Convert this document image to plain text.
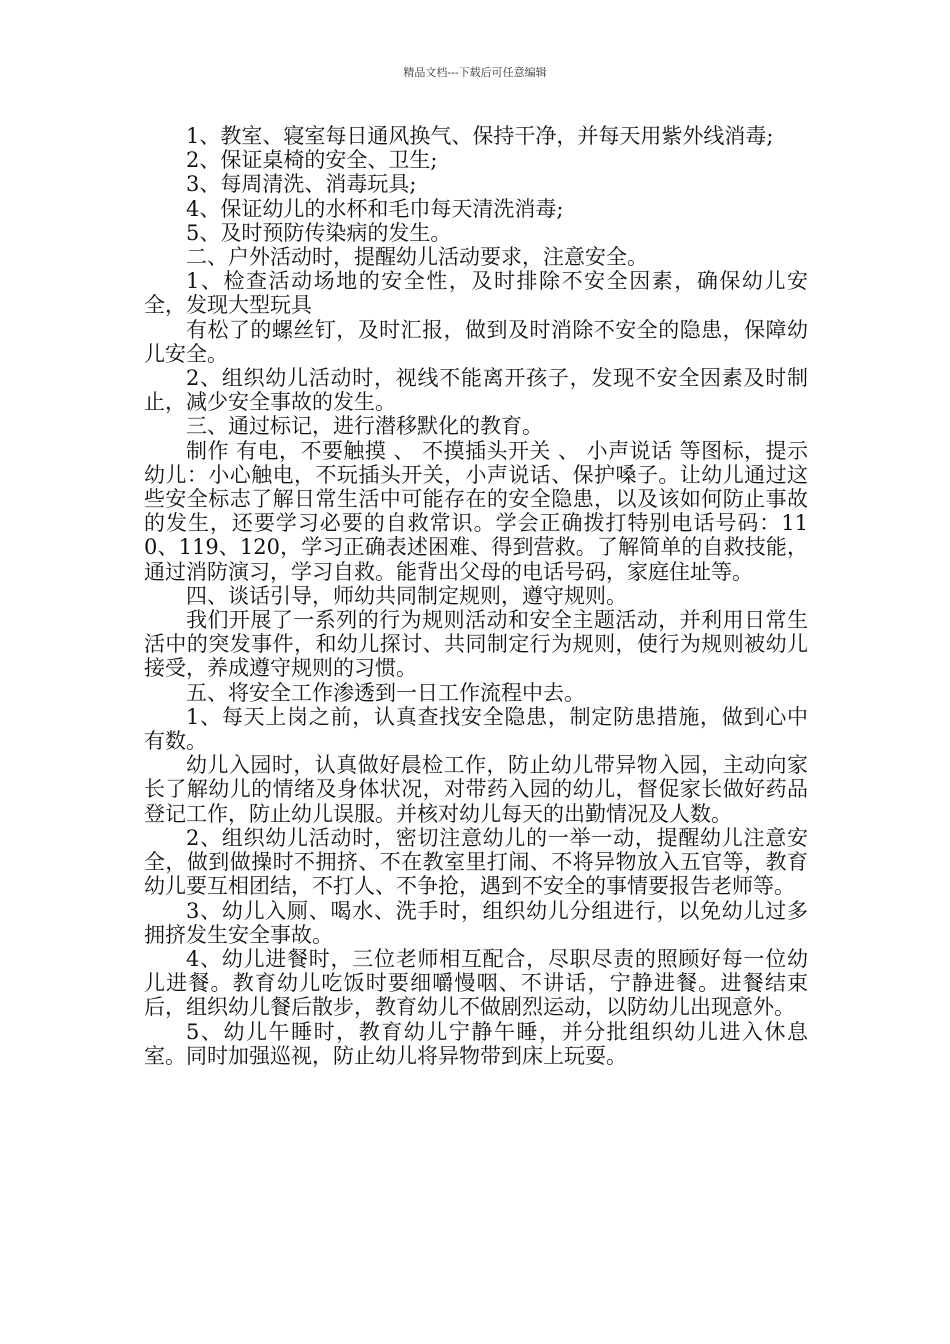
精品文档---下载后可任意编辑

1、教室、寝室每日通风换气、保持干净，并每天用紫外线消毒;

2、保证桌椅的安全、卫生;

3、每周清洗、消毒玩具;

4、保证幼儿的水杯和毛巾每天清洗消毒;

5、及时预防传染病的发生。

二、户外活动时，提醒幼儿活动要求，注意安全。

1、检查活动场地的安全性，及时排除不安全因素，确保幼儿安全，发现大型玩具

有松了的螺丝钉，及时汇报，做到及时消除不安全的隐患，保障幼儿安全。

2、组织幼儿活动时，视线不能离开孩子，发现不安全因素及时制止，减少安全事故的发生。

三、通过标记，进行潜移默化的教育。

制作 有电，不要触摸 、 不摸插头开关 、 小声说话 等图标，提示幼儿：小心触电，不玩插头开关，小声说话、保护嗓子。让幼儿通过这些安全标志了解日常生活中可能存在的安全隐患，以及该如何防止事故的发生，还要学习必要的自救常识。学会正确拨打特别电话号码：110、119、120，学习正确表述困难、得到营救。了解简单的自救技能，通过消防演习，学习自救。能背出父母的电话号码，家庭住址等。

四、谈话引导，师幼共同制定规则，遵守规则。

我们开展了一系列的行为规则活动和安全主题活动，并利用日常生活中的突发事件，和幼儿探讨、共同制定行为规则，使行为规则被幼儿接受，养成遵守规则的习惯。

五、将安全工作渗透到一日工作流程中去。

1、每天上岗之前，认真查找安全隐患，制定防患措施，做到心中有数。

幼儿入园时，认真做好晨检工作，防止幼儿带异物入园，主动向家长了解幼儿的情绪及身体状况，对带药入园的幼儿，督促家长做好药品登记工作，防止幼儿误服。并核对幼儿每天的出勤情况及人数。

2、组织幼儿活动时，密切注意幼儿的一举一动，提醒幼儿注意安全，做到做操时不拥挤、不在教室里打闹、不将异物放入五官等，教育幼儿要互相团结，不打人、不争抢，遇到不安全的事情要报告老师等。

3、幼儿入厕、喝水、洗手时，组织幼儿分组进行，以免幼儿过多拥挤发生安全事故。

4、幼儿进餐时，三位老师相互配合，尽职尽责的照顾好每一位幼儿进餐。教育幼儿吃饭时要细嚼慢咽、不讲话，宁静进餐。进餐结束后，组织幼儿餐后散步，教育幼儿不做剧烈运动，以防幼儿出现意外。

5、幼儿午睡时，教育幼儿宁静午睡，并分批组织幼儿进入休息室。同时加强巡视，防止幼儿将异物带到床上玩耍。
